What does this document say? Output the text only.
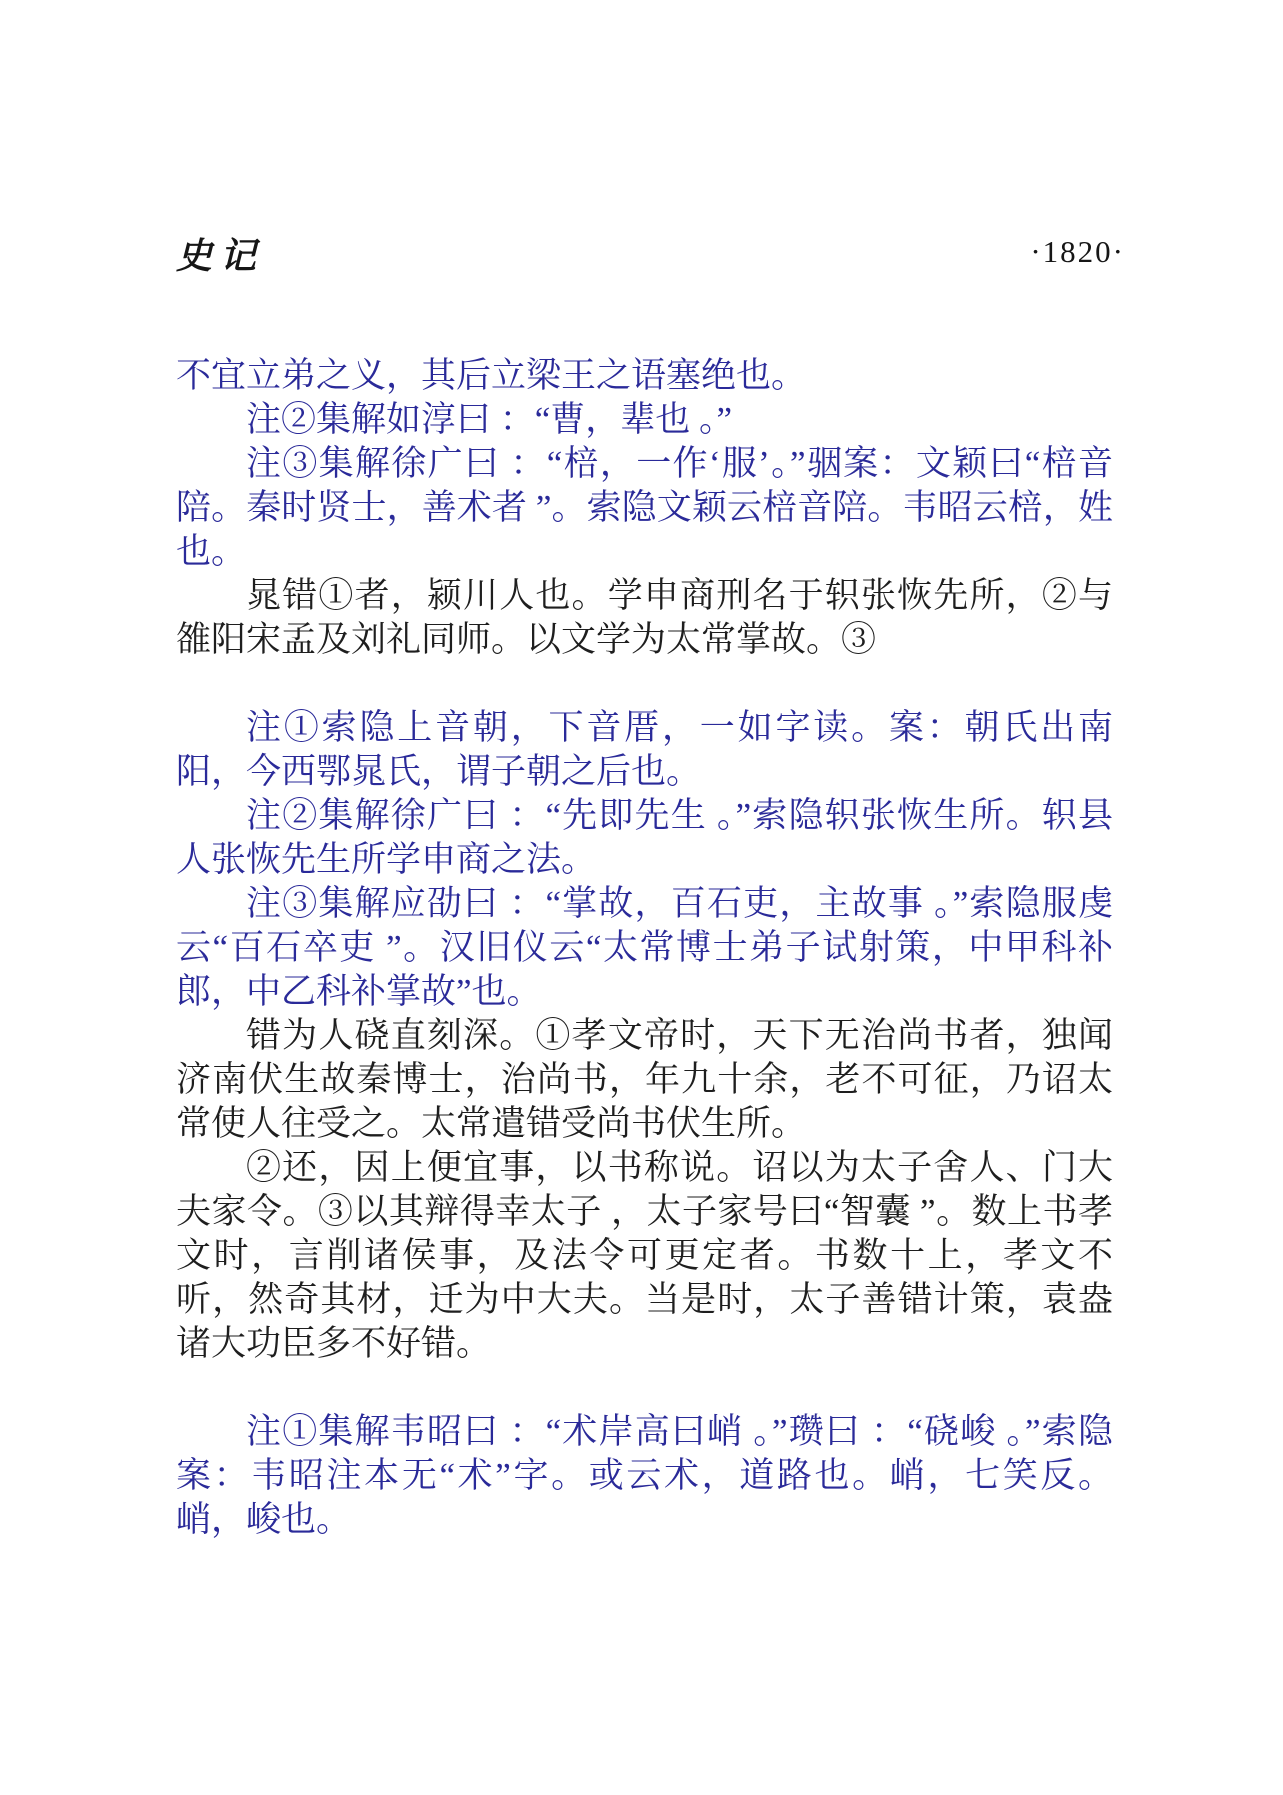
史记	·1820·

不宜立弟之义，其后立梁王之语塞绝也。

注②集解如淳曰 ：“曹，辈也 。”

注③集解徐广曰 ：“棓，一作‘服’。”骃案：文颖曰“棓音陪。秦时贤士，善术者 ”。索隐文颖云棓音陪。韦昭云棓，姓也。

晁错①者，颍川人也。学申商刑名于轵张恢先所，②与雒阳宋孟及刘礼同师。以文学为太常掌故。③

注①索隐上音朝，下音厝，一如字读。案：朝氏出南阳，今西鄂晁氏，谓子朝之后也。

注②集解徐广曰 ：“先即先生 。”索隐轵张恢生所。轵县人张恢先生所学申商之法。

注③集解应劭曰 ：“掌故，百石吏，主故事 。”索隐服虔云“百石卒吏 ”。汉旧仪云“太常博士弟子试射策，中甲科补郎，中乙科补掌故”也。

错为人硗直刻深。①孝文帝时，天下无治尚书者，独闻济南伏生故秦博士，治尚书，年九十余，老不可征，乃诏太常使人往受之。太常遣错受尚书伏生所。

②还，因上便宜事，以书称说。诏以为太子舍人、门大夫家令。③以其辩得幸太子 ，太子家号曰“智囊 ”。数上书孝文时，言削诸侯事，及法令可更定者。书数十上，孝文不听，然奇其材，迁为中大夫。当是时，太子善错计策，袁盎诸大功臣多不好错。

注①集解韦昭曰 ：“术岸高曰峭 。”瓒曰 ：“硗峻 。”索隐案：韦昭注本无“术”字。或云术，道路也。峭，七笑反。峭，峻也。
